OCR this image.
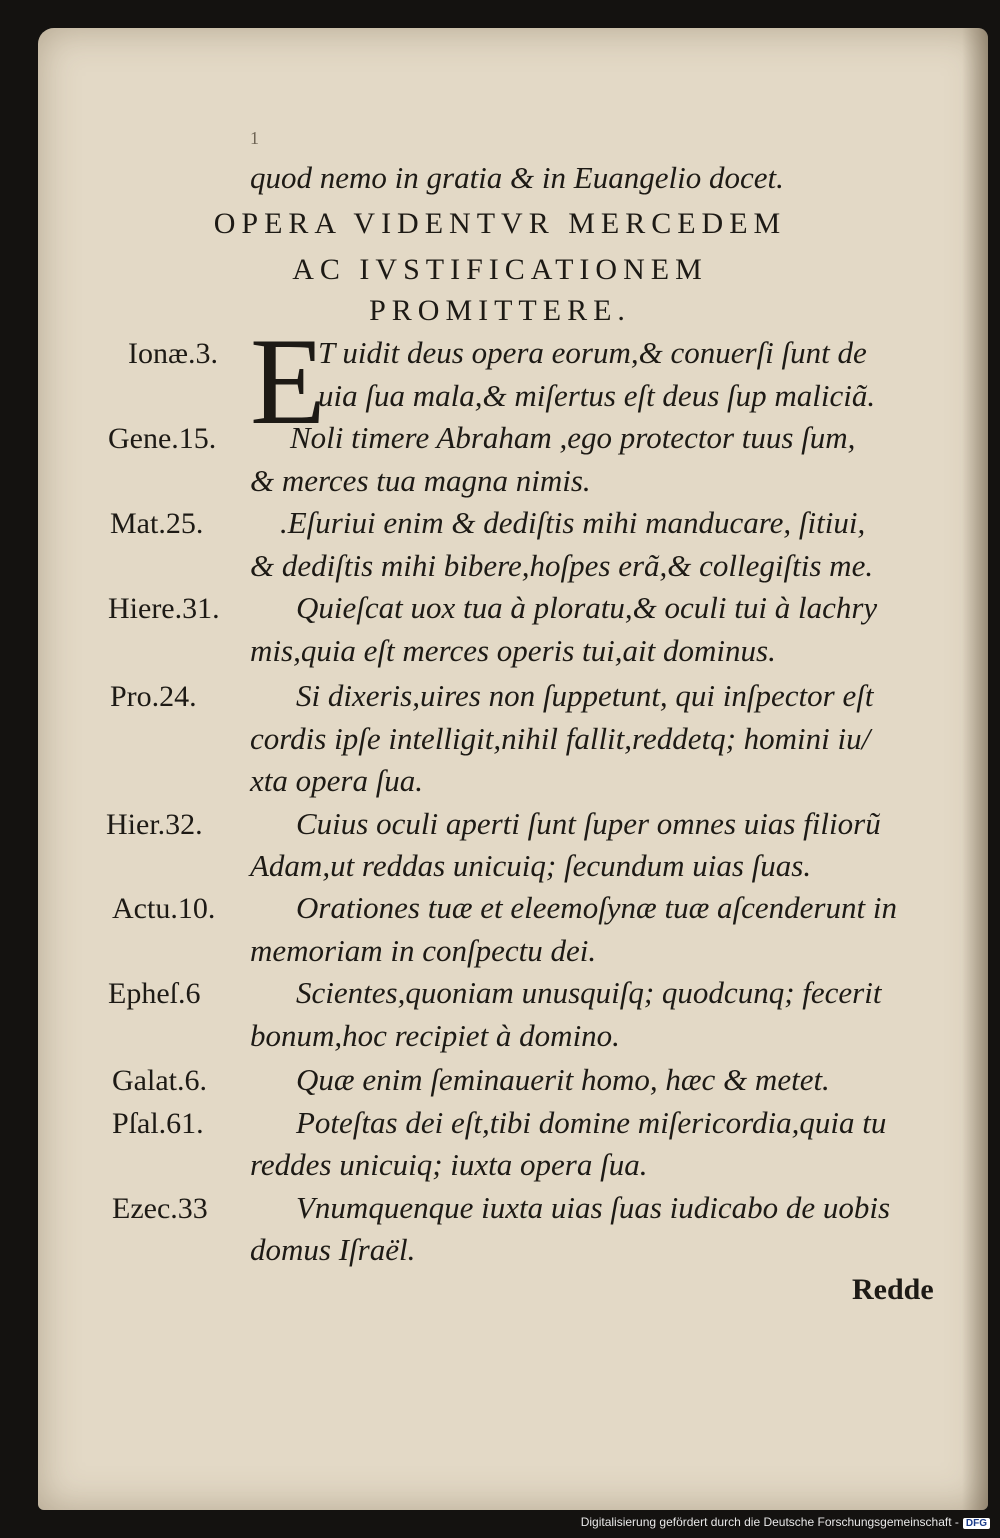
1
quod nemo in gratia & in Euangelio docet.
OPERA VIDENTVR MERCEDEM
AC IVSTIFICATIONEM
PROMITTERE.
E
T uidit deus opera eorum,& conuerſi ſunt de
uia ſua mala,& miſertus eſt deus ſup maliciã.
Noli timere Abraham ,ego protector tuus ſum,
& merces tua magna nimis.
.Eſuriui enim & dediſtis mihi manducare, ſitiui,
& dediſtis mihi bibere,hoſpes erã,& collegiſtis me.
Quieſcat uox tua à ploratu,& oculi tui à lachry
mis,quia eſt merces operis tui,ait dominus.
Si dixeris,uires non ſuppetunt, qui inſpector eſt
cordis ipſe intelligit,nihil fallit,reddetq; homini iu/
xta opera ſua.
Cuius oculi aperti ſunt ſuper omnes uias filiorũ
Adam,ut reddas unicuiq; ſecundum uias ſuas.
Orationes tuæ et eleemoſynæ tuæ aſcenderunt in
memoriam in conſpectu dei.
Scientes,quoniam unusquiſq; quodcunq; fecerit
bonum,hoc recipiet à domino.
Quæ enim ſeminauerit homo, hæc & metet.
Poteſtas dei eſt,tibi domine miſericordia,quia tu
reddes unicuiq; iuxta opera ſua.
Vnumquenque iuxta uias ſuas iudicabo de uobis
domus Iſraël.
Ionæ.3.
Gene.15.
Mat.25.
Hiere.31.
Pro.24.
Hier.32.
Actu.10.
Epheſ.6
Galat.6.
Pſal.61.
Ezec.33
Redde
Digitalisierung gefördert durch die Deutsche Forschungsgemeinschaft - DFG
